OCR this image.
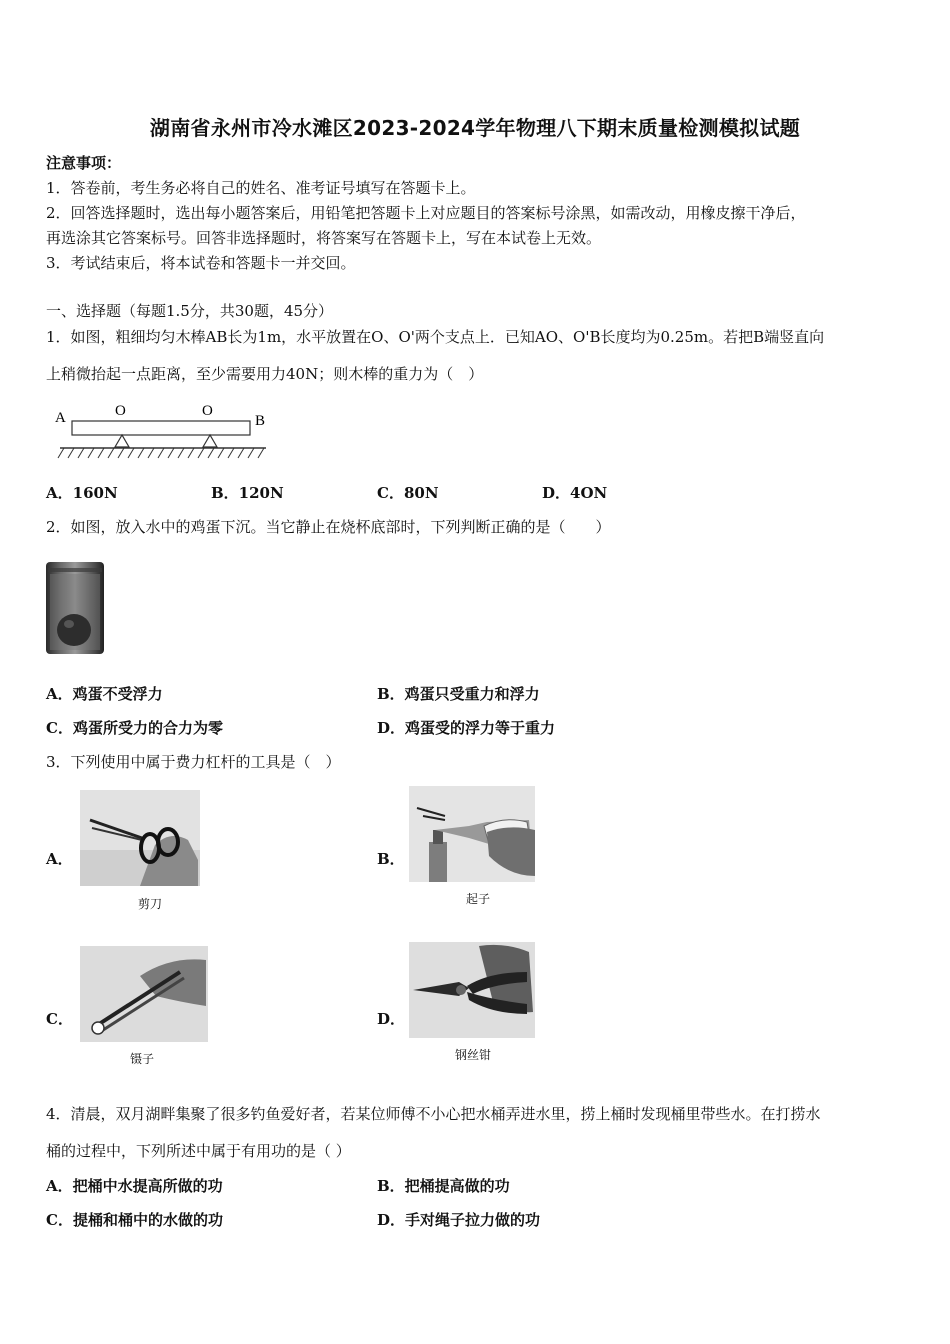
湖南省永州市冷水滩区2023-2024学年物理八下期末质量检测模拟试题
注意事项：
1．答卷前，考生务必将自己的姓名、准考证号填写在答题卡上。
2．回答选择题时，选出每小题答案后，用铅笔把答题卡上对应题目的答案标号涂黑，如需改动，用橡皮擦干净后，
再选涂其它答案标号。回答非选择题时，将答案写在答题卡上，写在本试卷上无效。
3．考试结束后，将本试卷和答题卡一并交回。
一、选择题（每题1.5分，共30题，45分）
1．如图，粗细均匀木棒AB长为1m，水平放置在O、O'两个支点上．已知AO、O'B长度均为0.25m。若把B端竖直向
上稍微抬起一点距离，至少需要用力40N；则木棒的重力为（　）
A	O	O
B
A．160N	B．120N	C．80N	D．4ON
2．如图，放入水中的鸡蛋下沉。当它静止在烧杯底部时，下列判断正确的是（　　）
A．鸡蛋不受浮力	B．鸡蛋只受重力和浮力
C．鸡蛋所受力的合力为零	D．鸡蛋受的浮力等于重力
3．下列使用中属于费力杠杆的工具是（　）
A．
剪刀
B．
起子
C．
镊子
D．
钢丝钳
4．清晨，双月湖畔集聚了很多钓鱼爱好者，若某位师傅不小心把水桶弄进水里，捞上桶时发现桶里带些水。在打捞水
桶的过程中，下列所述中属于有用功的是（ ）
A．把桶中水提高所做的功	B．把桶提高做的功
C．提桶和桶中的水做的功	D．手对绳子拉力做的功
